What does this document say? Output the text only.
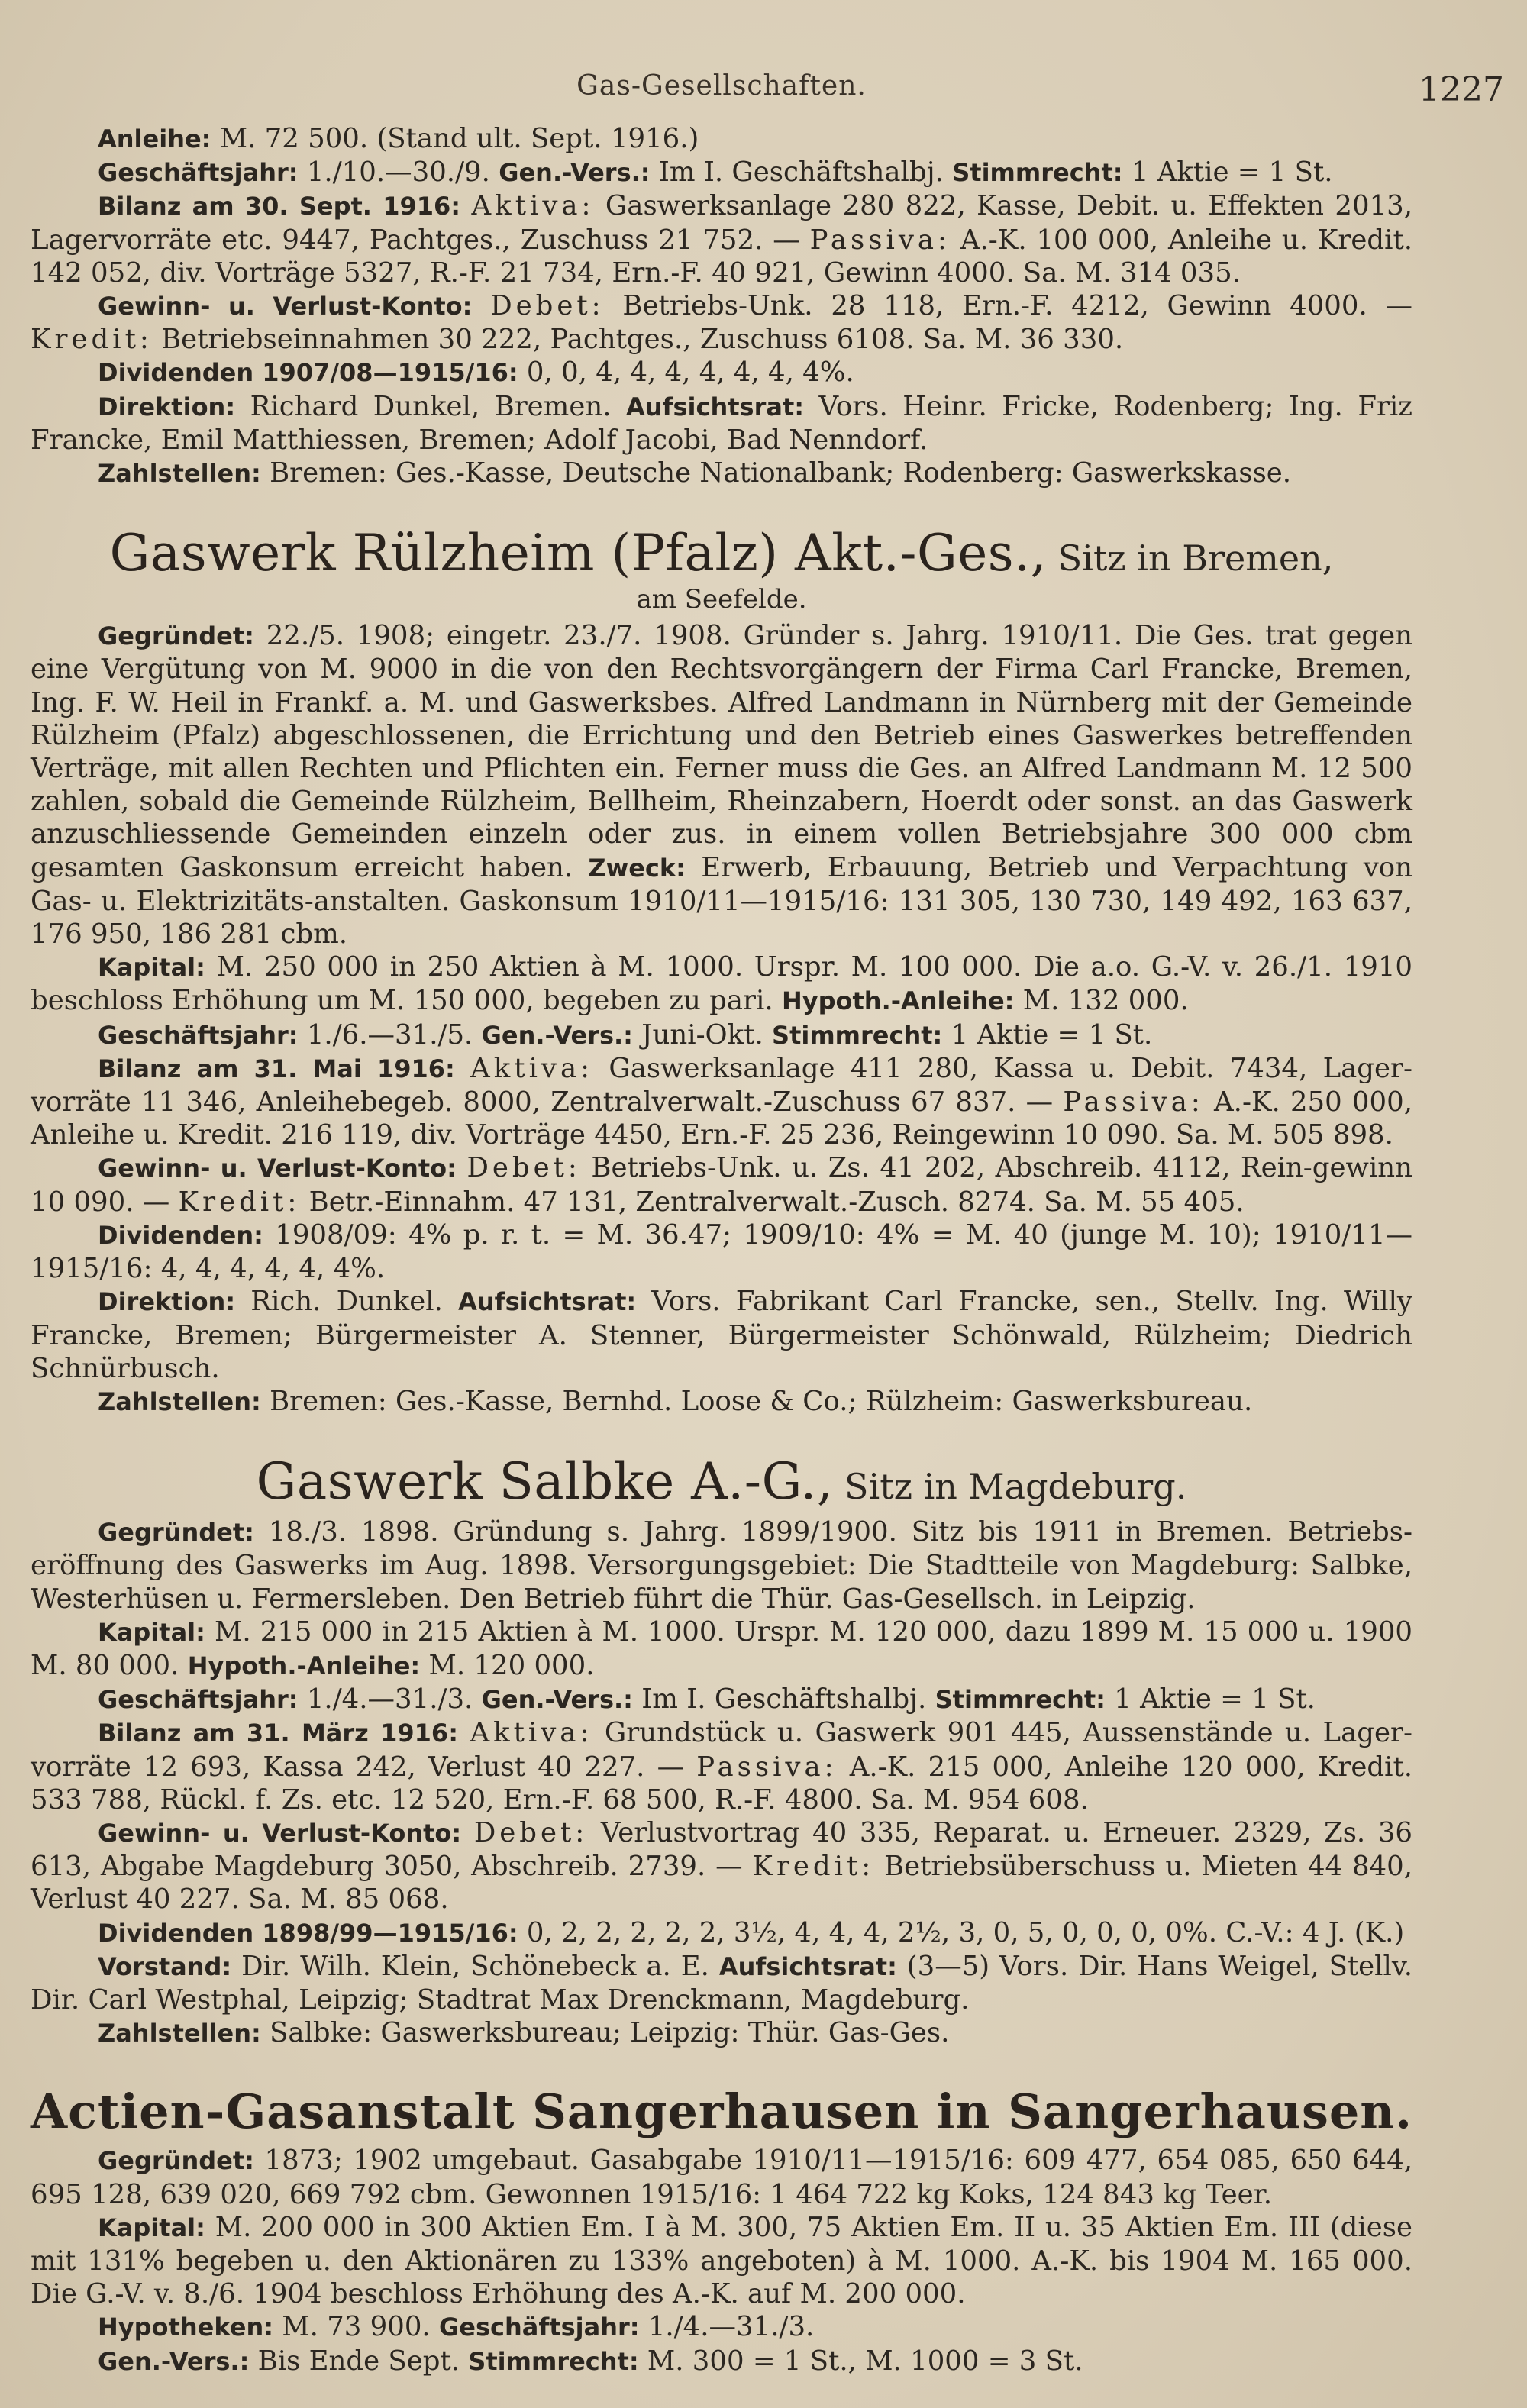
Gas-Gesellschaften.	1227

Anleihe: M. 72 500. (Stand ult. Sept. 1916.)

Geschäftsjahr: 1./10.—30./9. Gen.-Vers.: Im I. Geschäftshalbj. Stimmrecht: 1 Aktie = 1 St.

Bilanz am 30. Sept. 1916: Aktiva: Gaswerksanlage 280 822, Kasse, Debit. u. Effekten 2013, Lagervorräte etc. 9447, Pachtges., Zuschuss 21 752. — Passiva: A.-K. 100 000, Anleihe u. Kredit. 142 052, div. Vorträge 5327, R.-F. 21 734, Ern.-F. 40 921, Gewinn 4000. Sa. M. 314 035.

Gewinn- u. Verlust-Konto: Debet: Betriebs-Unk. 28 118, Ern.-F. 4212, Gewinn 4000. — Kredit: Betriebseinnahmen 30 222, Pachtges., Zuschuss 6108. Sa. M. 36 330.

Dividenden 1907/08—1915/16: 0, 0, 4, 4, 4, 4, 4, 4, 4%.

Direktion: Richard Dunkel, Bremen. Aufsichtsrat: Vors. Heinr. Fricke, Rodenberg; Ing. Friz Francke, Emil Matthiessen, Bremen; Adolf Jacobi, Bad Nenndorf.

Zahlstellen: Bremen: Ges.-Kasse, Deutsche Nationalbank; Rodenberg: Gaswerkskasse.

Gaswerk Rülzheim (Pfalz) Akt.-Ges., Sitz in Bremen,
am Seefelde.

Gegründet: 22./5. 1908; eingetr. 23./7. 1908. Gründer s. Jahrg. 1910/11. Die Ges. trat gegen eine Vergütung von M. 9000 in die von den Rechtsvorgängern der Firma Carl Francke, Bremen, Ing. F. W. Heil in Frankf. a. M. und Gaswerksbes. Alfred Landmann in Nürnberg mit der Gemeinde Rülzheim (Pfalz) abgeschlossenen, die Errichtung und den Betrieb eines Gaswerkes betreffenden Verträge, mit allen Rechten und Pflichten ein. Ferner muss die Ges. an Alfred Landmann M. 12 500 zahlen, sobald die Gemeinde Rülzheim, Bellheim, Rheinzabern, Hoerdt oder sonst. an das Gaswerk anzuschliessende Gemeinden einzeln oder zus. in einem vollen Betriebsjahre 300 000 cbm gesamten Gaskonsum erreicht haben. Zweck: Erwerb, Erbauung, Betrieb und Verpachtung von Gas- u. Elektrizitäts-anstalten. Gaskonsum 1910/11—1915/16: 131 305, 130 730, 149 492, 163 637, 176 950, 186 281 cbm.

Kapital: M. 250 000 in 250 Aktien à M. 1000. Urspr. M. 100 000. Die a.o. G.-V. v. 26./1. 1910 beschloss Erhöhung um M. 150 000, begeben zu pari. Hypoth.-Anleihe: M. 132 000.

Geschäftsjahr: 1./6.—31./5. Gen.-Vers.: Juni-Okt. Stimmrecht: 1 Aktie = 1 St.

Bilanz am 31. Mai 1916: Aktiva: Gaswerksanlage 411 280, Kassa u. Debit. 7434, Lager-vorräte 11 346, Anleihebegeb. 8000, Zentralverwalt.-Zuschuss 67 837. — Passiva: A.-K. 250 000, Anleihe u. Kredit. 216 119, div. Vorträge 4450, Ern.-F. 25 236, Reingewinn 10 090. Sa. M. 505 898.

Gewinn- u. Verlust-Konto: Debet: Betriebs-Unk. u. Zs. 41 202, Abschreib. 4112, Rein-gewinn 10 090. — Kredit: Betr.-Einnahm. 47 131, Zentralverwalt.-Zusch. 8274. Sa. M. 55 405.

Dividenden: 1908/09: 4% p. r. t. = M. 36.47; 1909/10: 4% = M. 40 (junge M. 10); 1910/11—1915/16: 4, 4, 4, 4, 4, 4%.

Direktion: Rich. Dunkel. Aufsichtsrat: Vors. Fabrikant Carl Francke, sen., Stellv. Ing. Willy Francke, Bremen; Bürgermeister A. Stenner, Bürgermeister Schönwald, Rülzheim; Diedrich Schnürbusch.

Zahlstellen: Bremen: Ges.-Kasse, Bernhd. Loose & Co.; Rülzheim: Gaswerksbureau.

Gaswerk Salbke A.-G., Sitz in Magdeburg.

Gegründet: 18./3. 1898. Gründung s. Jahrg. 1899/1900. Sitz bis 1911 in Bremen. Betriebs-eröffnung des Gaswerks im Aug. 1898. Versorgungsgebiet: Die Stadtteile von Magdeburg: Salbke, Westerhüsen u. Fermersleben. Den Betrieb führt die Thür. Gas-Gesellsch. in Leipzig.

Kapital: M. 215 000 in 215 Aktien à M. 1000. Urspr. M. 120 000, dazu 1899 M. 15 000 u. 1900 M. 80 000. Hypoth.-Anleihe: M. 120 000.

Geschäftsjahr: 1./4.—31./3. Gen.-Vers.: Im I. Geschäftshalbj. Stimmrecht: 1 Aktie = 1 St.

Bilanz am 31. März 1916: Aktiva: Grundstück u. Gaswerk 901 445, Aussenstände u. Lager-vorräte 12 693, Kassa 242, Verlust 40 227. — Passiva: A.-K. 215 000, Anleihe 120 000, Kredit. 533 788, Rückl. f. Zs. etc. 12 520, Ern.-F. 68 500, R.-F. 4800. Sa. M. 954 608.

Gewinn- u. Verlust-Konto: Debet: Verlustvortrag 40 335, Reparat. u. Erneuer. 2329, Zs. 36 613, Abgabe Magdeburg 3050, Abschreib. 2739. — Kredit: Betriebsüberschuss u. Mieten 44 840, Verlust 40 227. Sa. M. 85 068.

Dividenden 1898/99—1915/16: 0, 2, 2, 2, 2, 2, 3½, 4, 4, 4, 2½, 3, 0, 5, 0, 0, 0, 0%. C.-V.: 4 J. (K.)

Vorstand: Dir. Wilh. Klein, Schönebeck a. E. Aufsichtsrat: (3—5) Vors. Dir. Hans Weigel, Stellv. Dir. Carl Westphal, Leipzig; Stadtrat Max Drenckmann, Magdeburg.

Zahlstellen: Salbke: Gaswerksbureau; Leipzig: Thür. Gas-Ges.

Actien-Gasanstalt Sangerhausen in Sangerhausen.

Gegründet: 1873; 1902 umgebaut. Gasabgabe 1910/11—1915/16: 609 477, 654 085, 650 644, 695 128, 639 020, 669 792 cbm. Gewonnen 1915/16: 1 464 722 kg Koks, 124 843 kg Teer.

Kapital: M. 200 000 in 300 Aktien Em. I à M. 300, 75 Aktien Em. II u. 35 Aktien Em. III (diese mit 131% begeben u. den Aktionären zu 133% angeboten) à M. 1000. A.-K. bis 1904 M. 165 000. Die G.-V. v. 8./6. 1904 beschloss Erhöhung des A.-K. auf M. 200 000.

Hypotheken: M. 73 900. Geschäftsjahr: 1./4.—31./3.

Gen.-Vers.: Bis Ende Sept. Stimmrecht: M. 300 = 1 St., M. 1000 = 3 St.
